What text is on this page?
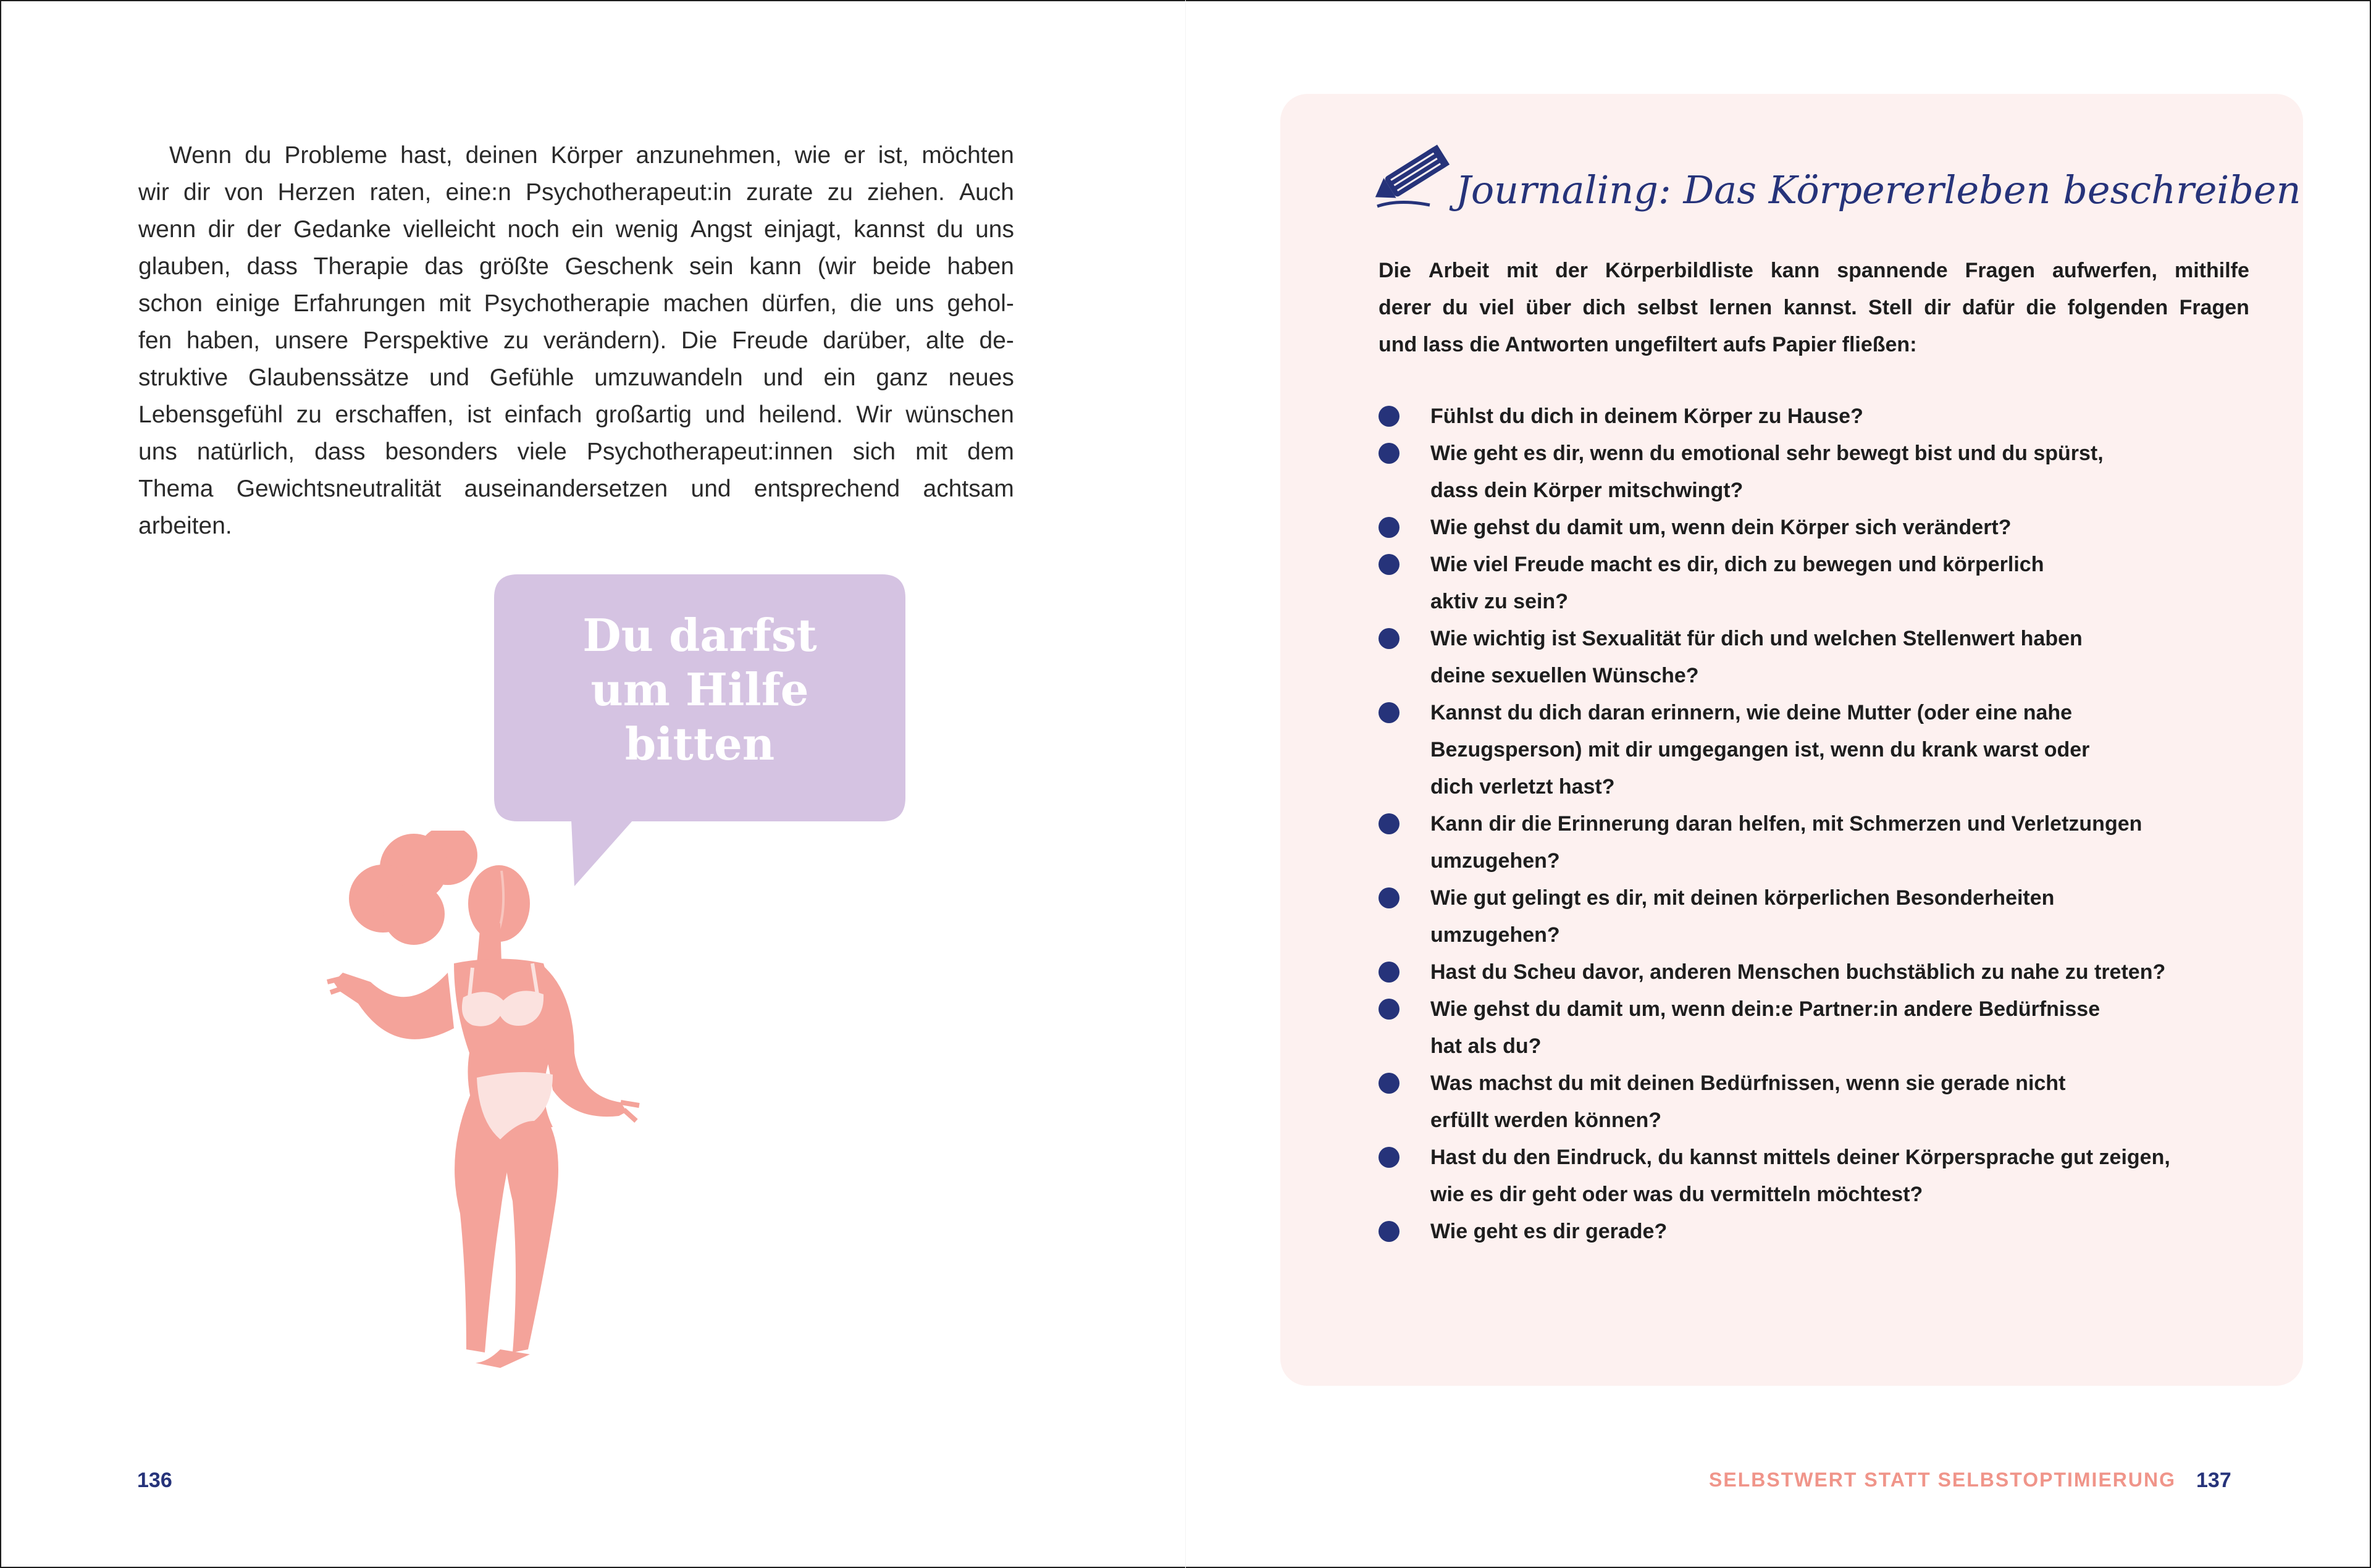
Wenn du Probleme hast, deinen Körper anzunehmen, wie er ist, möchten
wir dir von Herzen raten, eine:n Psychotherapeut:in zurate zu ziehen. Auch
wenn dir der Gedanke vielleicht noch ein wenig Angst einjagt, kannst du uns
glauben, dass Therapie das größte Geschenk sein kann (wir beide haben
schon einige Erfahrungen mit Psychotherapie machen dürfen, die uns gehol-
fen haben, unsere Perspektive zu verändern). Die Freude darüber, alte de-
struktive Glaubenssätze und Gefühle umzuwandeln und ein ganz neues
Lebensgefühl zu erschaffen, ist einfach großartig und heilend. Wir wünschen
uns natürlich, dass besonders viele Psychotherapeut:innen sich mit dem
Thema Gewichtsneutralität auseinandersetzen und entsprechend achtsam
arbeiten.
Du darfst
um Hilfe
bitten
136
Journaling: Das Körpererleben beschreiben
Die Arbeit mit der Körperbildliste kann spannende Fragen aufwerfen, mithilfe
derer du viel über dich selbst lernen kannst. Stell dir dafür die folgenden Fragen
und lass die Antworten ungefiltert aufs Papier fließen:
Fühlst du dich in deinem Körper zu Hause?
Wie geht es dir, wenn du emotional sehr bewegt bist und du spürst,
dass dein Körper mitschwingt?
Wie gehst du damit um, wenn dein Körper sich verändert?
Wie viel Freude macht es dir, dich zu bewegen und körperlich
aktiv zu sein?
Wie wichtig ist Sexualität für dich und welchen Stellenwert haben
deine sexuellen Wünsche?
Kannst du dich daran erinnern, wie deine Mutter (oder eine nahe
Bezugsperson) mit dir umgegangen ist, wenn du krank warst oder
dich verletzt hast?
Kann dir die Erinnerung daran helfen, mit Schmerzen und Verletzungen
umzugehen?
Wie gut gelingt es dir, mit deinen körperlichen Besonderheiten
umzugehen?
Hast du Scheu davor, anderen Menschen buchstäblich zu nahe zu treten?
Wie gehst du damit um, wenn dein:e Partner:in andere Bedürfnisse
hat als du?
Was machst du mit deinen Bedürfnissen, wenn sie gerade nicht
erfüllt werden können?
Hast du den Eindruck, du kannst mittels deiner Körpersprache gut zeigen,
wie es dir geht oder was du vermitteln möchtest?
Wie geht es dir gerade?
SELBSTWERT STATT SELBSTOPTIMIERUNG 137
